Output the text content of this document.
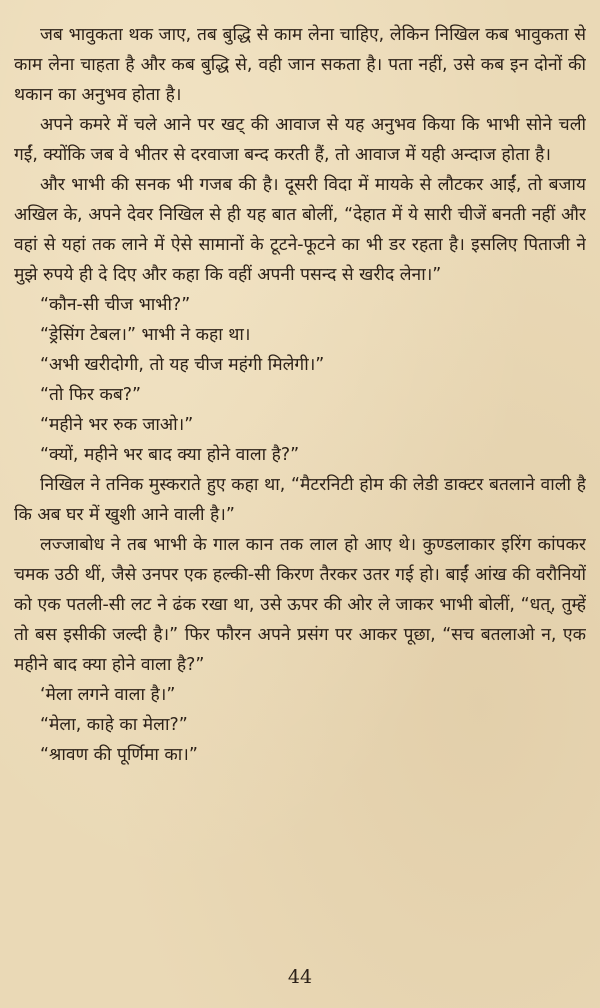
जब भावुकता थक जाए, तब बुद्धि से काम लेना चाहिए, लेकिन निखिल कब भावुकता से काम लेना चाहता है और कब बुद्धि से, वही जान सकता है। पता नहीं, उसे कब इन दोनों की थकान का अनुभव होता है।

अपने कमरे में चले आने पर खट् की आवाज से यह अनुभव किया कि भाभी सोने चली गईं, क्योंकि जब वे भीतर से दरवाजा बन्द करती हैं, तो आवाज में यही अन्दाज होता है।

और भाभी की सनक भी गजब की है। दूसरी विदा में मायके से लौटकर आईं, तो बजाय अखिल के, अपने देवर निखिल से ही यह बात बोलीं, “देहात में ये सारी चीजें बनती नहीं और वहां से यहां तक लाने में ऐसे सामानों के टूटने-फूटने का भी डर रहता है। इसलिए पिताजी ने मुझे रुपये ही दे दिए और कहा कि वहीं अपनी पसन्द से खरीद लेना।”

“कौन-सी चीज भाभी?”

“ड्रेसिंग टेबल।” भाभी ने कहा था।

“अभी खरीदोगी, तो यह चीज महंगी मिलेगी।”

“तो फिर कब?”

“महीने भर रुक जाओ।”

“क्यों, महीने भर बाद क्या होने वाला है?”

निखिल ने तनिक मुस्कराते हुए कहा था, “मैटरनिटी होम की लेडी डाक्टर बतलाने वाली है कि अब घर में खुशी आने वाली है।”

लज्जाबोध ने तब भाभी के गाल कान तक लाल हो आए थे। कुण्डलाकार इरिंग कांपकर चमक उठी थीं, जैसे उनपर एक हल्की-सी किरण तैरकर उतर गई हो। बाईं आंख की वरौनियों को एक पतली-सी लट ने ढंक रखा था, उसे ऊपर की ओर ले जाकर भाभी बोलीं, “धत्, तुम्हें तो बस इसीकी जल्दी है।” फिर फौरन अपने प्रसंग पर आकर पूछा, “सच बतलाओ न, एक महीने बाद क्या होने वाला है?”

‘मेला लगने वाला है।”

“मेला, काहे का मेला?”

“श्रावण की पूर्णिमा का।”

44
